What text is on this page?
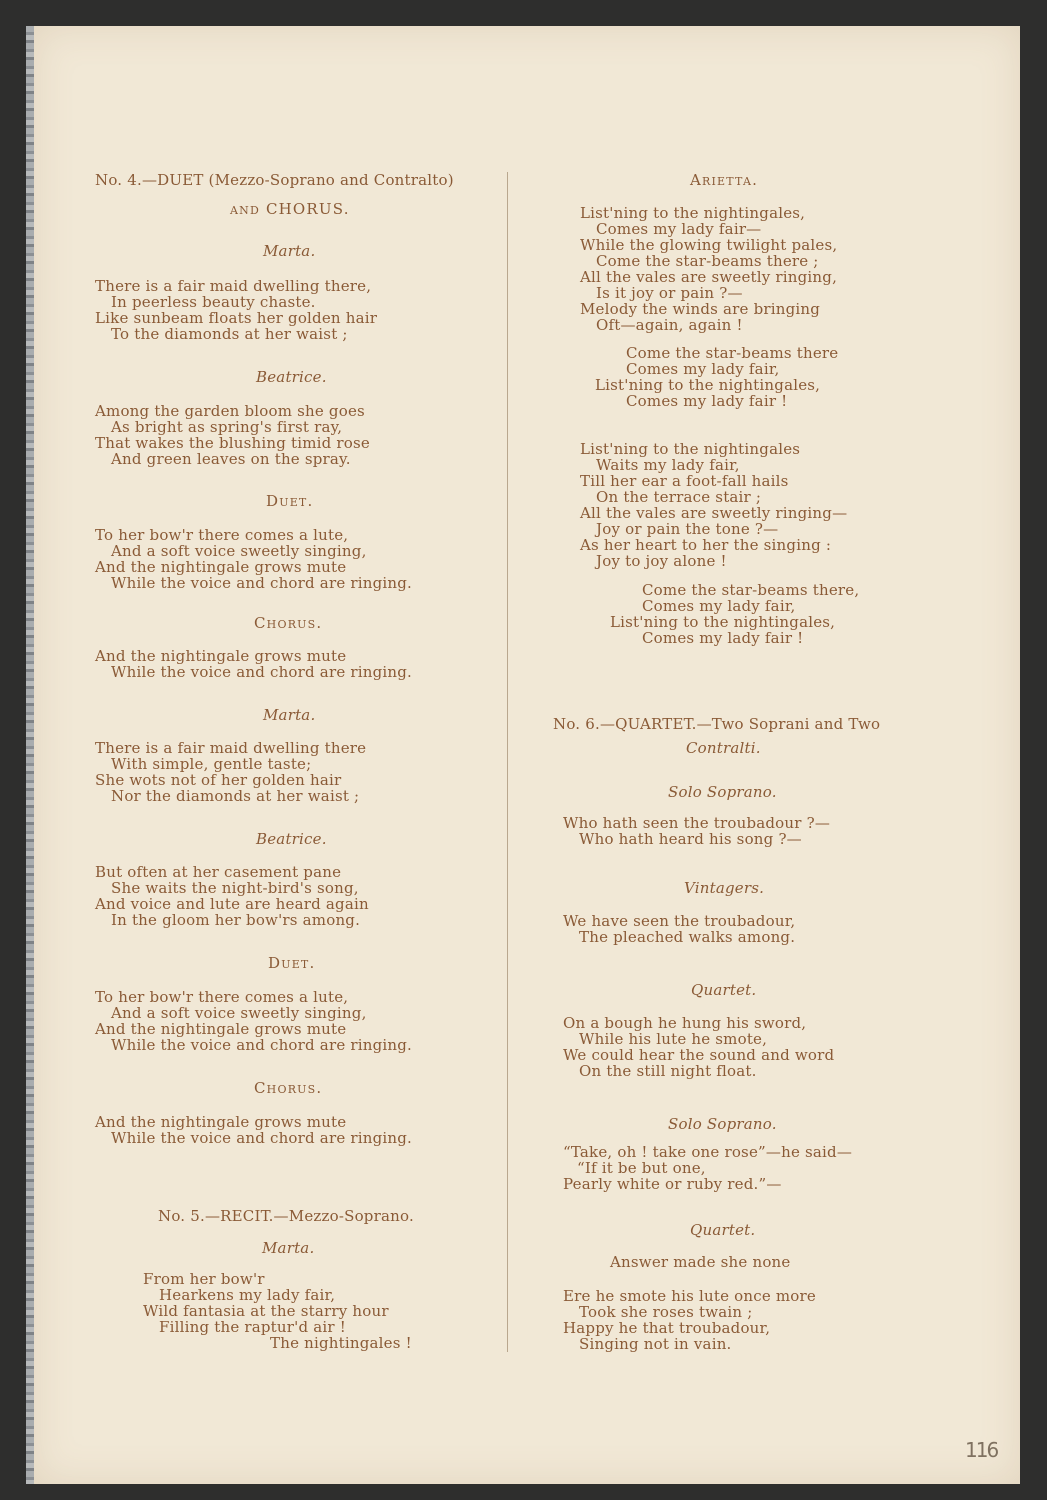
No. 4.—DUET (Mezzo-Soprano and Contralto)
and CHORUS.
Marta.
There is a fair maid dwelling there,
In peerless beauty chaste.
Like sunbeam floats her golden hair
To the diamonds at her waist ;
Beatrice.
Among the garden bloom she goes
As bright as spring's first ray,
That wakes the blushing timid rose
And green leaves on the spray.
Duet.
To her bow'r there comes a lute,
And a soft voice sweetly singing,
And the nightingale grows mute
While the voice and chord are ringing.
Chorus.
And the nightingale grows mute
While the voice and chord are ringing.
Marta.
There is a fair maid dwelling there
With simple, gentle taste;
She wots not of her golden hair
Nor the diamonds at her waist ;
Beatrice.
But often at her casement pane
She waits the night-bird's song,
And voice and lute are heard again
In the gloom her bow'rs among.
Duet.
To her bow'r there comes a lute,
And a soft voice sweetly singing,
And the nightingale grows mute
While the voice and chord are ringing.
Chorus.
And the nightingale grows mute
While the voice and chord are ringing.
No. 5.—RECIT.—Mezzo-Soprano.
Marta.
From her bow'r
Hearkens my lady fair,
Wild fantasia at the starry hour
Filling the raptur'd air !
The nightingales !
Arietta.
List'ning to the nightingales,
Comes my lady fair—
While the glowing twilight pales,
Come the star-beams there ;
All the vales are sweetly ringing,
Is it joy or pain ?—
Melody the winds are bringing
Oft—again, again !
Come the star-beams there
Comes my lady fair,
List'ning to the nightingales,
Comes my lady fair !
List'ning to the nightingales
Waits my lady fair,
Till her ear a foot-fall hails
On the terrace stair ;
All the vales are sweetly ringing—
Joy or pain the tone ?—
As her heart to her the singing :
Joy to joy alone !
Come the star-beams there,
Comes my lady fair,
List'ning to the nightingales,
Comes my lady fair !
No. 6.—QUARTET.—Two Soprani and Two
Contralti.
Solo Soprano.
Who hath seen the troubadour ?—
Who hath heard his song ?—
Vintagers.
We have seen the troubadour,
The pleached walks among.
Quartet.
On a bough he hung his sword,
While his lute he smote,
We could hear the sound and word
On the still night float.
Solo Soprano.
“Take, oh ! take one rose”—he said—
“If it be but one,
Pearly white or ruby red.”—
Quartet.
Answer made she none
Ere he smote his lute once more
Took she roses twain ;
Happy he that troubadour,
Singing not in vain.
116
